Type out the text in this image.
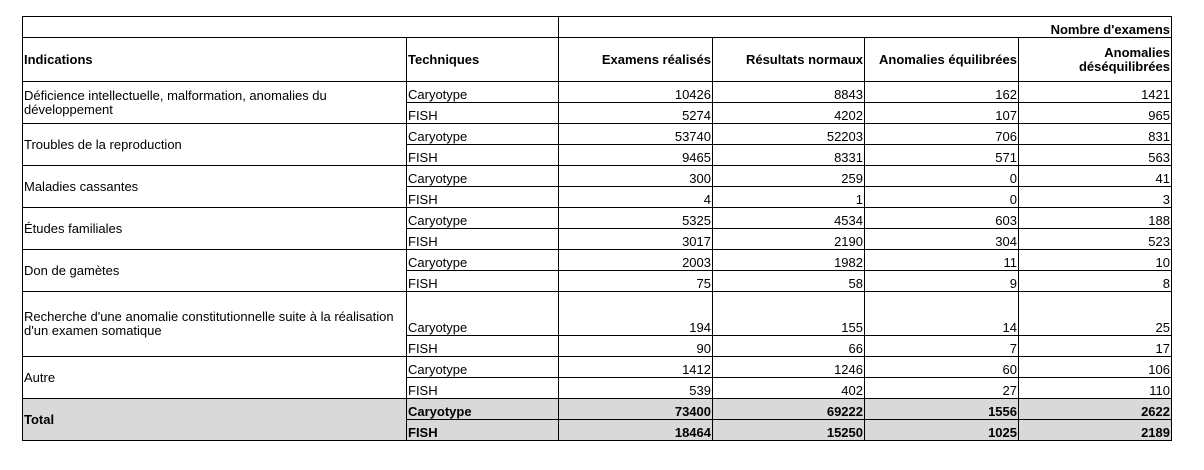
		Nombre d'examens			
Indications	Techniques	Examens réalisés	Résultats normaux	Anomalies équilibrées	Anomalies déséquilibrées
Déficience intellectuelle, malformation, anomalies du développement	Caryotype	10426	8843	162	1421
	FISH	5274	4202	107	965
Troubles de la reproduction	Caryotype	53740	52203	706	831
	FISH	9465	8331	571	563
Maladies cassantes	Caryotype	300	259	0	41
	FISH	4	1	0	3
Études familiales	Caryotype	5325	4534	603	188
	FISH	3017	2190	304	523
Don de gamètes	Caryotype	2003	1982	11	10
	FISH	75	58	9	8
Recherche d'une anomalie constitutionnelle suite à la réalisation d'un examen somatique	Caryotype	194	155	14	25
	FISH	90	66	7	17
Autre	Caryotype	1412	1246	60	106
	FISH	539	402	27	110
Total	Caryotype	73400	69222	1556	2622
	FISH	18464	15250	1025	2189
